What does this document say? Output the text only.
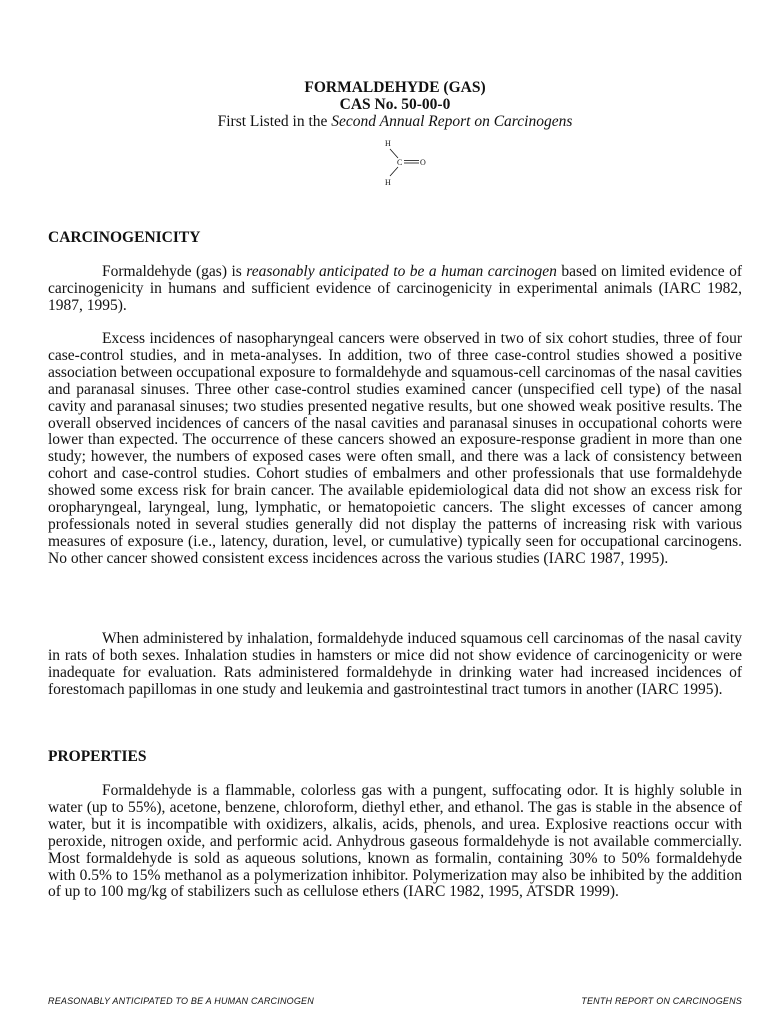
FORMALDEHYDE (GAS)
CAS No. 50-00-0
First Listed in the Second Annual Report on Carcinogens
H
C O
H
CARCINOGENICITY

Formaldehyde (gas) is reasonably anticipated to be a human carcinogen based on limited evidence of carcinogenicity in humans and sufficient evidence of carcinogenicity in experimental animals (IARC 1982, 1987, 1995).

Excess incidences of nasopharyngeal cancers were observed in two of six cohort studies, three of four case-control studies, and in meta-analyses. In addition, two of three case-control studies showed a positive association between occupational exposure to formaldehyde and squamous-cell carcinomas of the nasal cavities and paranasal sinuses. Three other case-control studies examined cancer (unspecified cell type) of the nasal cavity and paranasal sinuses; two studies presented negative results, but one showed weak positive results. The overall observed incidences of cancers of the nasal cavities and paranasal sinuses in occupational cohorts were lower than expected. The occurrence of these cancers showed an exposure-response gradient in more than one study; however, the numbers of exposed cases were often small, and there was a lack of consistency between cohort and case-control studies. Cohort studies of embalmers and other professionals that use formaldehyde showed some excess risk for brain cancer. The available epidemiological data did not show an excess risk for oropharyngeal, laryngeal, lung, lymphatic, or hematopoietic cancers. The slight excesses of cancer among professionals noted in several studies generally did not display the patterns of increasing risk with various measures of exposure (i.e., latency, duration, level, or cumulative) typically seen for occupational carcinogens. No other cancer showed consistent excess incidences across the various studies (IARC 1987, 1995).

When administered by inhalation, formaldehyde induced squamous cell carcinomas of the nasal cavity in rats of both sexes. Inhalation studies in hamsters or mice did not show evidence of carcinogenicity or were inadequate for evaluation. Rats administered formaldehyde in drinking water had increased incidences of forestomach papillomas in one study and leukemia and gastrointestinal tract tumors in another (IARC 1995).

PROPERTIES

Formaldehyde is a flammable, colorless gas with a pungent, suffocating odor. It is highly soluble in water (up to 55%), acetone, benzene, chloroform, diethyl ether, and ethanol. The gas is stable in the absence of water, but it is incompatible with oxidizers, alkalis, acids, phenols, and urea. Explosive reactions occur with peroxide, nitrogen oxide, and performic acid. Anhydrous gaseous formaldehyde is not available commercially. Most formaldehyde is sold as aqueous solutions, known as formalin, containing 30% to 50% formaldehyde with 0.5% to 15% methanol as a polymerization inhibitor. Polymerization may also be inhibited by the addition of up to 100 mg/kg of stabilizers such as cellulose ethers (IARC 1982, 1995, ATSDR 1999).

REASONABLY ANTICIPATED TO BE A HUMAN CARCINOGEN	TENTH REPORT ON CARCINOGENS
